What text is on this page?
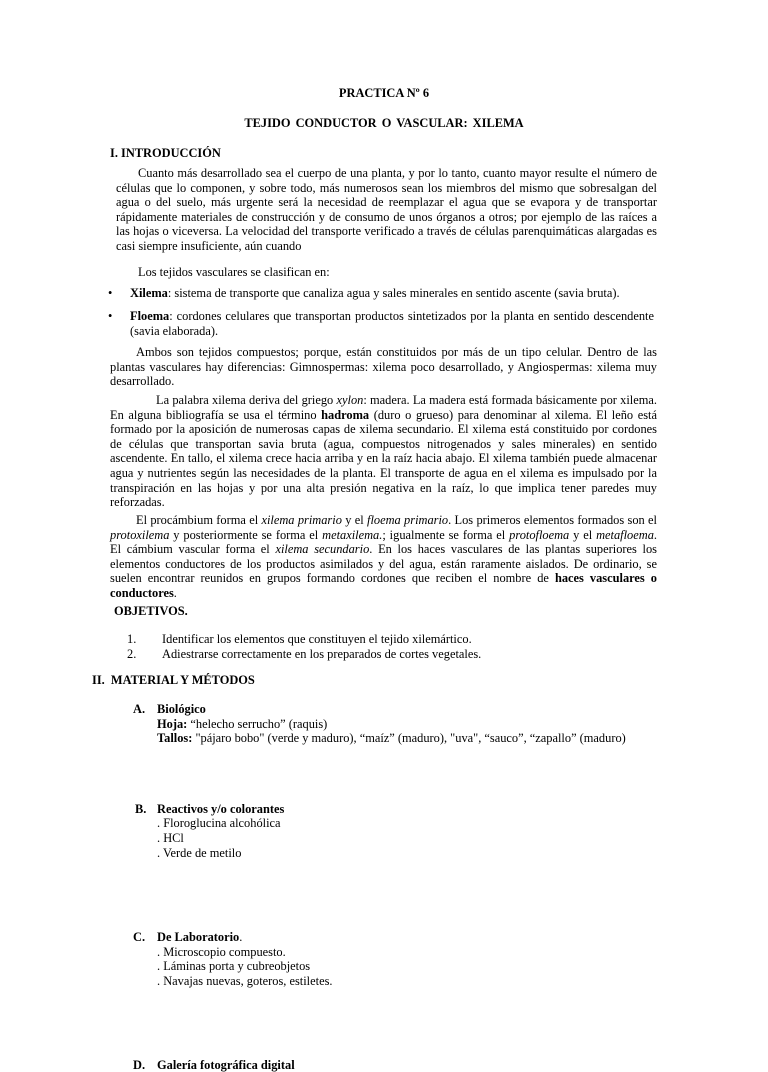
PRACTICA Nº 6
TEJIDO CONDUCTOR O VASCULAR: XILEMA
I. INTRODUCCIÓN

Cuanto más desarrollado sea el cuerpo de una planta, y por lo tanto, cuanto mayor resulte el número de células que lo componen, y sobre todo, más numerosos sean los miembros del mismo que sobresalgan del agua o del suelo, más urgente será la necesidad de reemplazar el agua que se evapora y de transportar rápidamente materiales de construcción y de consumo de unos órganos a otros; por ejemplo de las raíces a las hojas o viceversa. La velocidad del transporte verificado a través de células parenquimáticas alargadas es casi siempre insuficiente, aún cuando

Los tejidos vasculares se clasifican en:
• Xilema: sistema de transporte que canaliza agua y sales minerales en sentido ascente (savia bruta).
• Floema: cordones celulares que transportan productos sintetizados por la planta en sentido descendente (savia elaborada).

Ambos son tejidos compuestos; porque, están constituidos por más de un tipo celular. Dentro de las plantas vasculares hay diferencias: Gimnospermas: xilema poco desarrollado, y Angiospermas: xilema muy desarrollado.

La palabra xilema deriva del griego xylon: madera. La madera está formada básicamente por xilema. En alguna bibliografía se usa el término hadroma (duro o grueso) para denominar al xilema. El leño está formado por la aposición de numerosas capas de xilema secundario. El xilema está constituido por cordones de células que transportan savia bruta (agua, compuestos nitrogenados y sales minerales) en sentido ascendente. En tallo, el xilema crece hacia arriba y en la raíz hacia abajo. El xilema también puede almacenar agua y nutrientes según las necesidades de la planta. El transporte de agua en el xilema es impulsado por la transpiración en las hojas y por una alta presión negativa en la raíz, lo que implica tener paredes muy reforzadas.

El procámbium forma el xilema primario y el floema primario. Los primeros elementos formados son el protoxilema y posteriormente se forma el metaxilema.; igualmente se forma el protofloema y el metafloema. El cámbium vascular forma el xilema secundario. En los haces vasculares de las plantas superiores los elementos conductores de los productos asimilados y del agua, están raramente aislados. De ordinario, se suelen encontrar reunidos en grupos formando cordones que reciben el nombre de haces vasculares o conductores.

OBJETIVOS.
1. Identificar los elementos que constituyen el tejido xilemártico.
2. Adiestrarse correctamente en los preparados de cortes vegetales.
II.  MATERIAL Y MÉTODOS
A. Biológico
Hoja: “helecho serrucho” (raquis)
Tallos: "pájaro bobo" (verde y maduro), “maíz” (maduro), "uva", “sauco”, “zapallo” (maduro)
B. Reactivos y/o colorantes
. Floroglucina alcohólica
. HCl
. Verde de metilo
C. De Laboratorio.
. Microscopio compuesto.
. Láminas porta y cubreobjetos
. Navajas nuevas, goteros, estiletes.
D. Galería fotográfica digital
